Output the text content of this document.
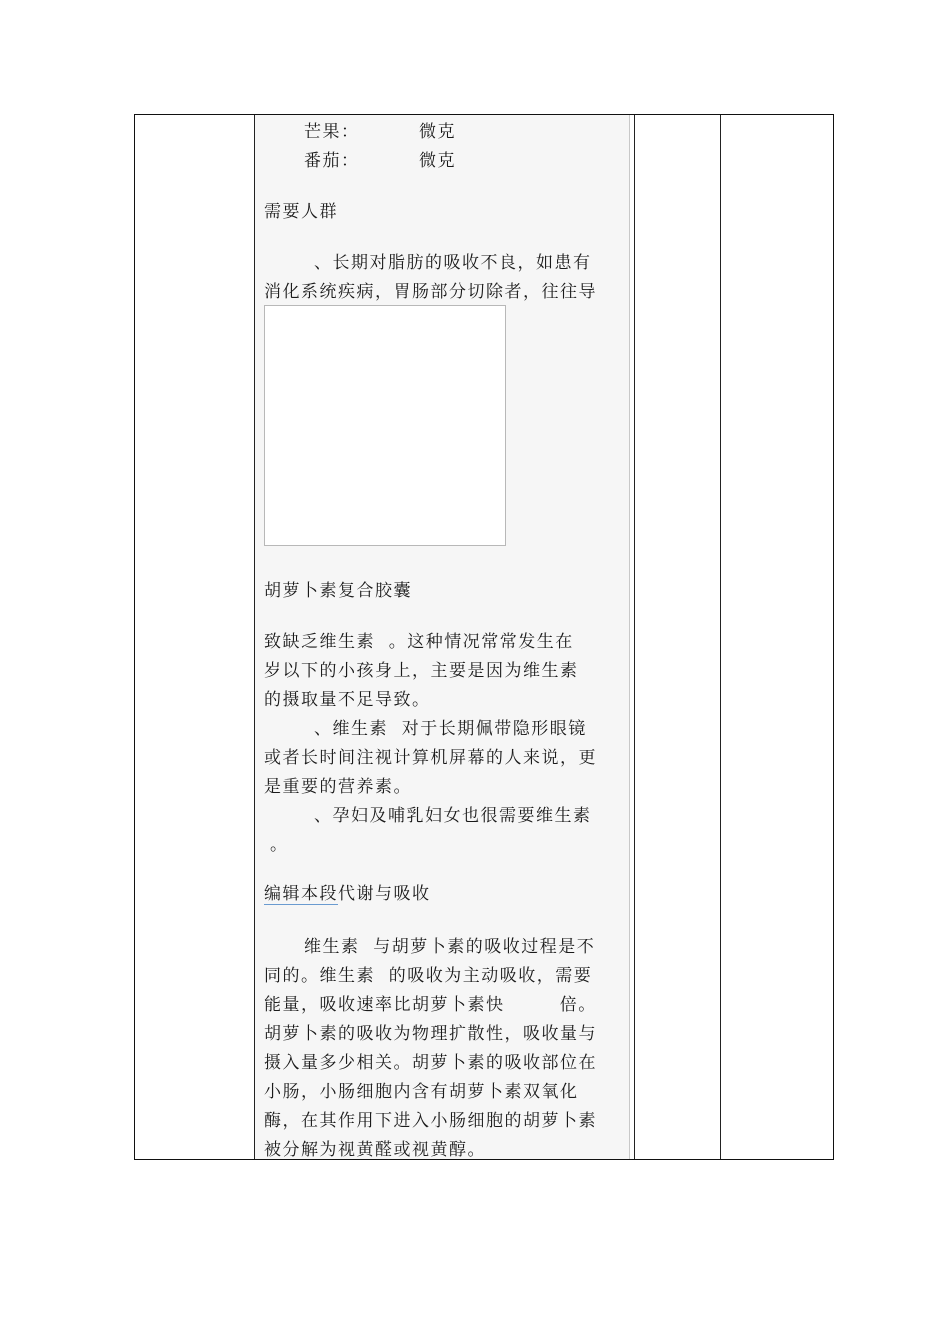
芒果：	微克
番茄：	微克
需要人群
、长期对脂肪的吸收不良，如患有
消化系统疾病，胃肠部分切除者，往往导
胡萝卜素复合胶囊
致缺乏维生素  。这种情况常常发生在
岁以下的小孩身上，主要是因为维生素
的摄取量不足导致。
、维生素  对于长期佩带隐形眼镜
或者长时间注视计算机屏幕的人来说，更
是重要的营养素。
、孕妇及哺乳妇女也很需要维生素
。
编辑本段代谢与吸收
维生素  与胡萝卜素的吸收过程是不
同的。维生素  的吸收为主动吸收，需要
能量，吸收速率比胡萝卜素快        倍。
胡萝卜素的吸收为物理扩散性，吸收量与
摄入量多少相关。胡萝卜素的吸收部位在
小肠，小肠细胞内含有胡萝卜素双氧化
酶，在其作用下进入小肠细胞的胡萝卜素
被分解为视黄醛或视黄醇。
